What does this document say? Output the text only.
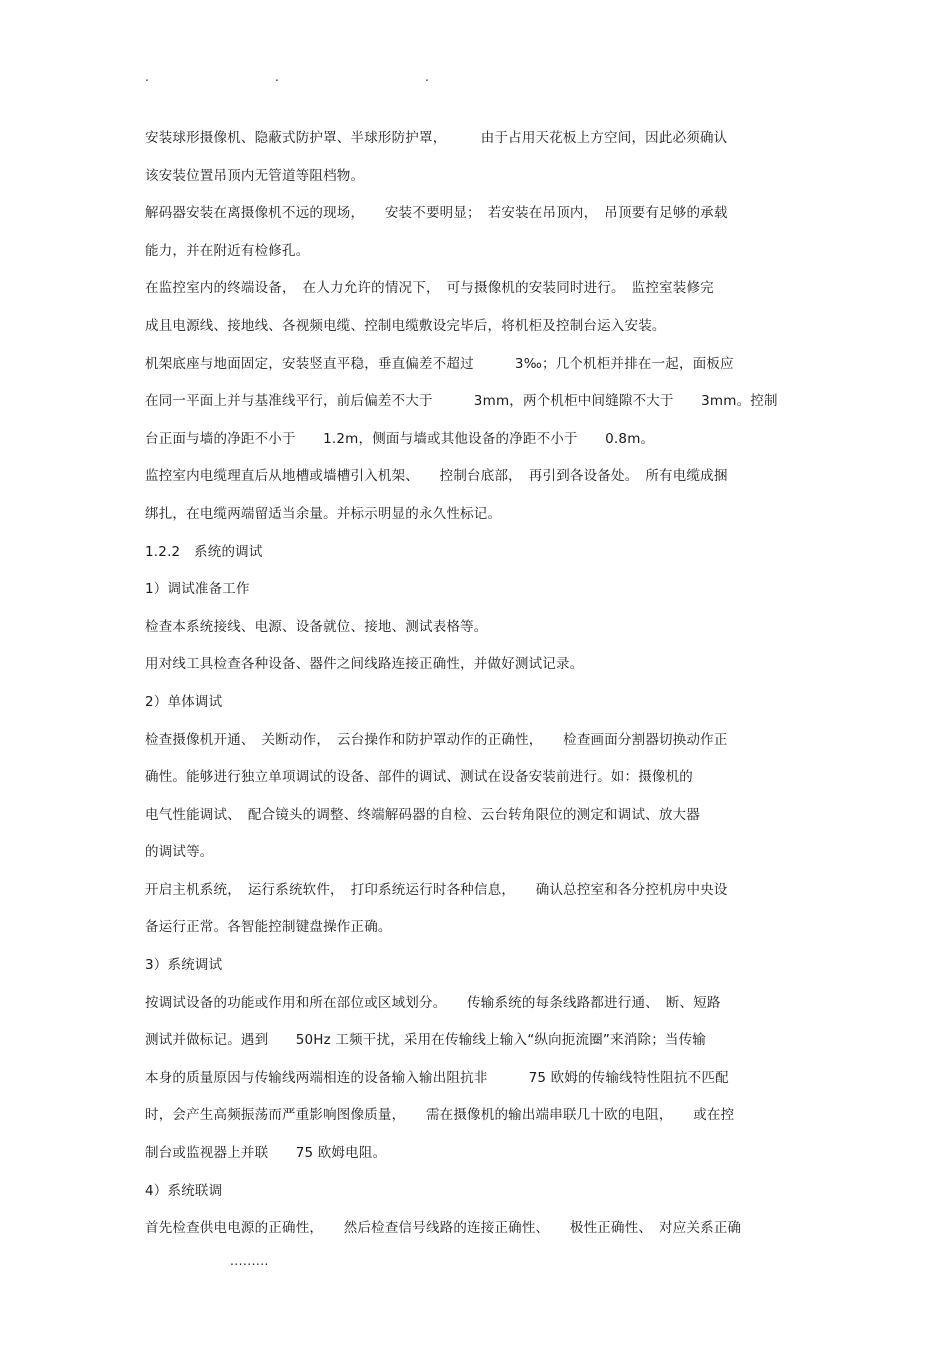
.	.	.
安装球形摄像机、隐蔽式防护罩、半球形防护罩，　　　由于占用天花板上方空间，因此必须确认
该安装位置吊顶内无管道等阻档物。
解码器安装在离摄像机不远的现场，　　安装不要明显；　若安装在吊顶内，　吊顶要有足够的承载
能力，并在附近有检修孔。
在监控室内的终端设备，　在人力允许的情况下，　可与摄像机的安装同时进行。　监控室装修完
成且电源线、接地线、各视频电缆、控制电缆敷设完毕后，将机柜及控制台运入安装。
机架底座与地面固定，安装竖直平稳，垂直偏差不超过　　　3‰；几个机柜并排在一起，面板应
在同一平面上并与基准线平行，前后偏差不大于　　　3mm，两个机柜中间缝隙不大于　　3mm。控制
台正面与墙的净距不小于　　1.2m，侧面与墙或其他设备的净距不小于　　0.8m。
监控室内电缆理直后从地槽或墙槽引入机架、　　控制台底部，　再引到各设备处。　所有电缆成捆
绑扎，在电缆两端留适当余量。并标示明显的永久性标记。
1.2.2　系统的调试
1）调试准备工作
检查本系统接线、电源、设备就位、接地、测试表格等。
用对线工具检查各种设备、器件之间线路连接正确性，并做好测试记录。
2）单体调试
检查摄像机开通、　关断动作，　云台操作和防护罩动作的正确性，　　检查画面分割器切换动作正
确性。能够进行独立单项调试的设备、部件的调试、测试在设备安装前进行。如：摄像机的
电气性能调试、　配合镜头的调整、终端解码器的自检、云台转角限位的测定和调试、放大器
的调试等。
开启主机系统，　运行系统软件，　打印系统运行时各种信息，　　确认总控室和各分控机房中央设
备运行正常。各智能控制键盘操作正确。
3）系统调试
按调试设备的功能或作用和所在部位或区域划分。　　传输系统的每条线路都进行通、　断、短路
测试并做标记。遇到　　50Hz 工频干扰，采用在传输线上输入“纵向扼流圈”来消除；当传输
本身的质量原因与传输线两端相连的设备输入输出阻抗非　　　75 欧姆的传输线特性阻抗不匹配
时，会产生高频振荡而严重影响图像质量，　　需在摄像机的输出端串联几十欧的电阻，　　或在控
制台或监视器上并联　　75 欧姆电阻。
4）系统联调
首先检查供电电源的正确性，　　然后检查信号线路的连接正确性、　　极性正确性、　对应关系正确
.........
